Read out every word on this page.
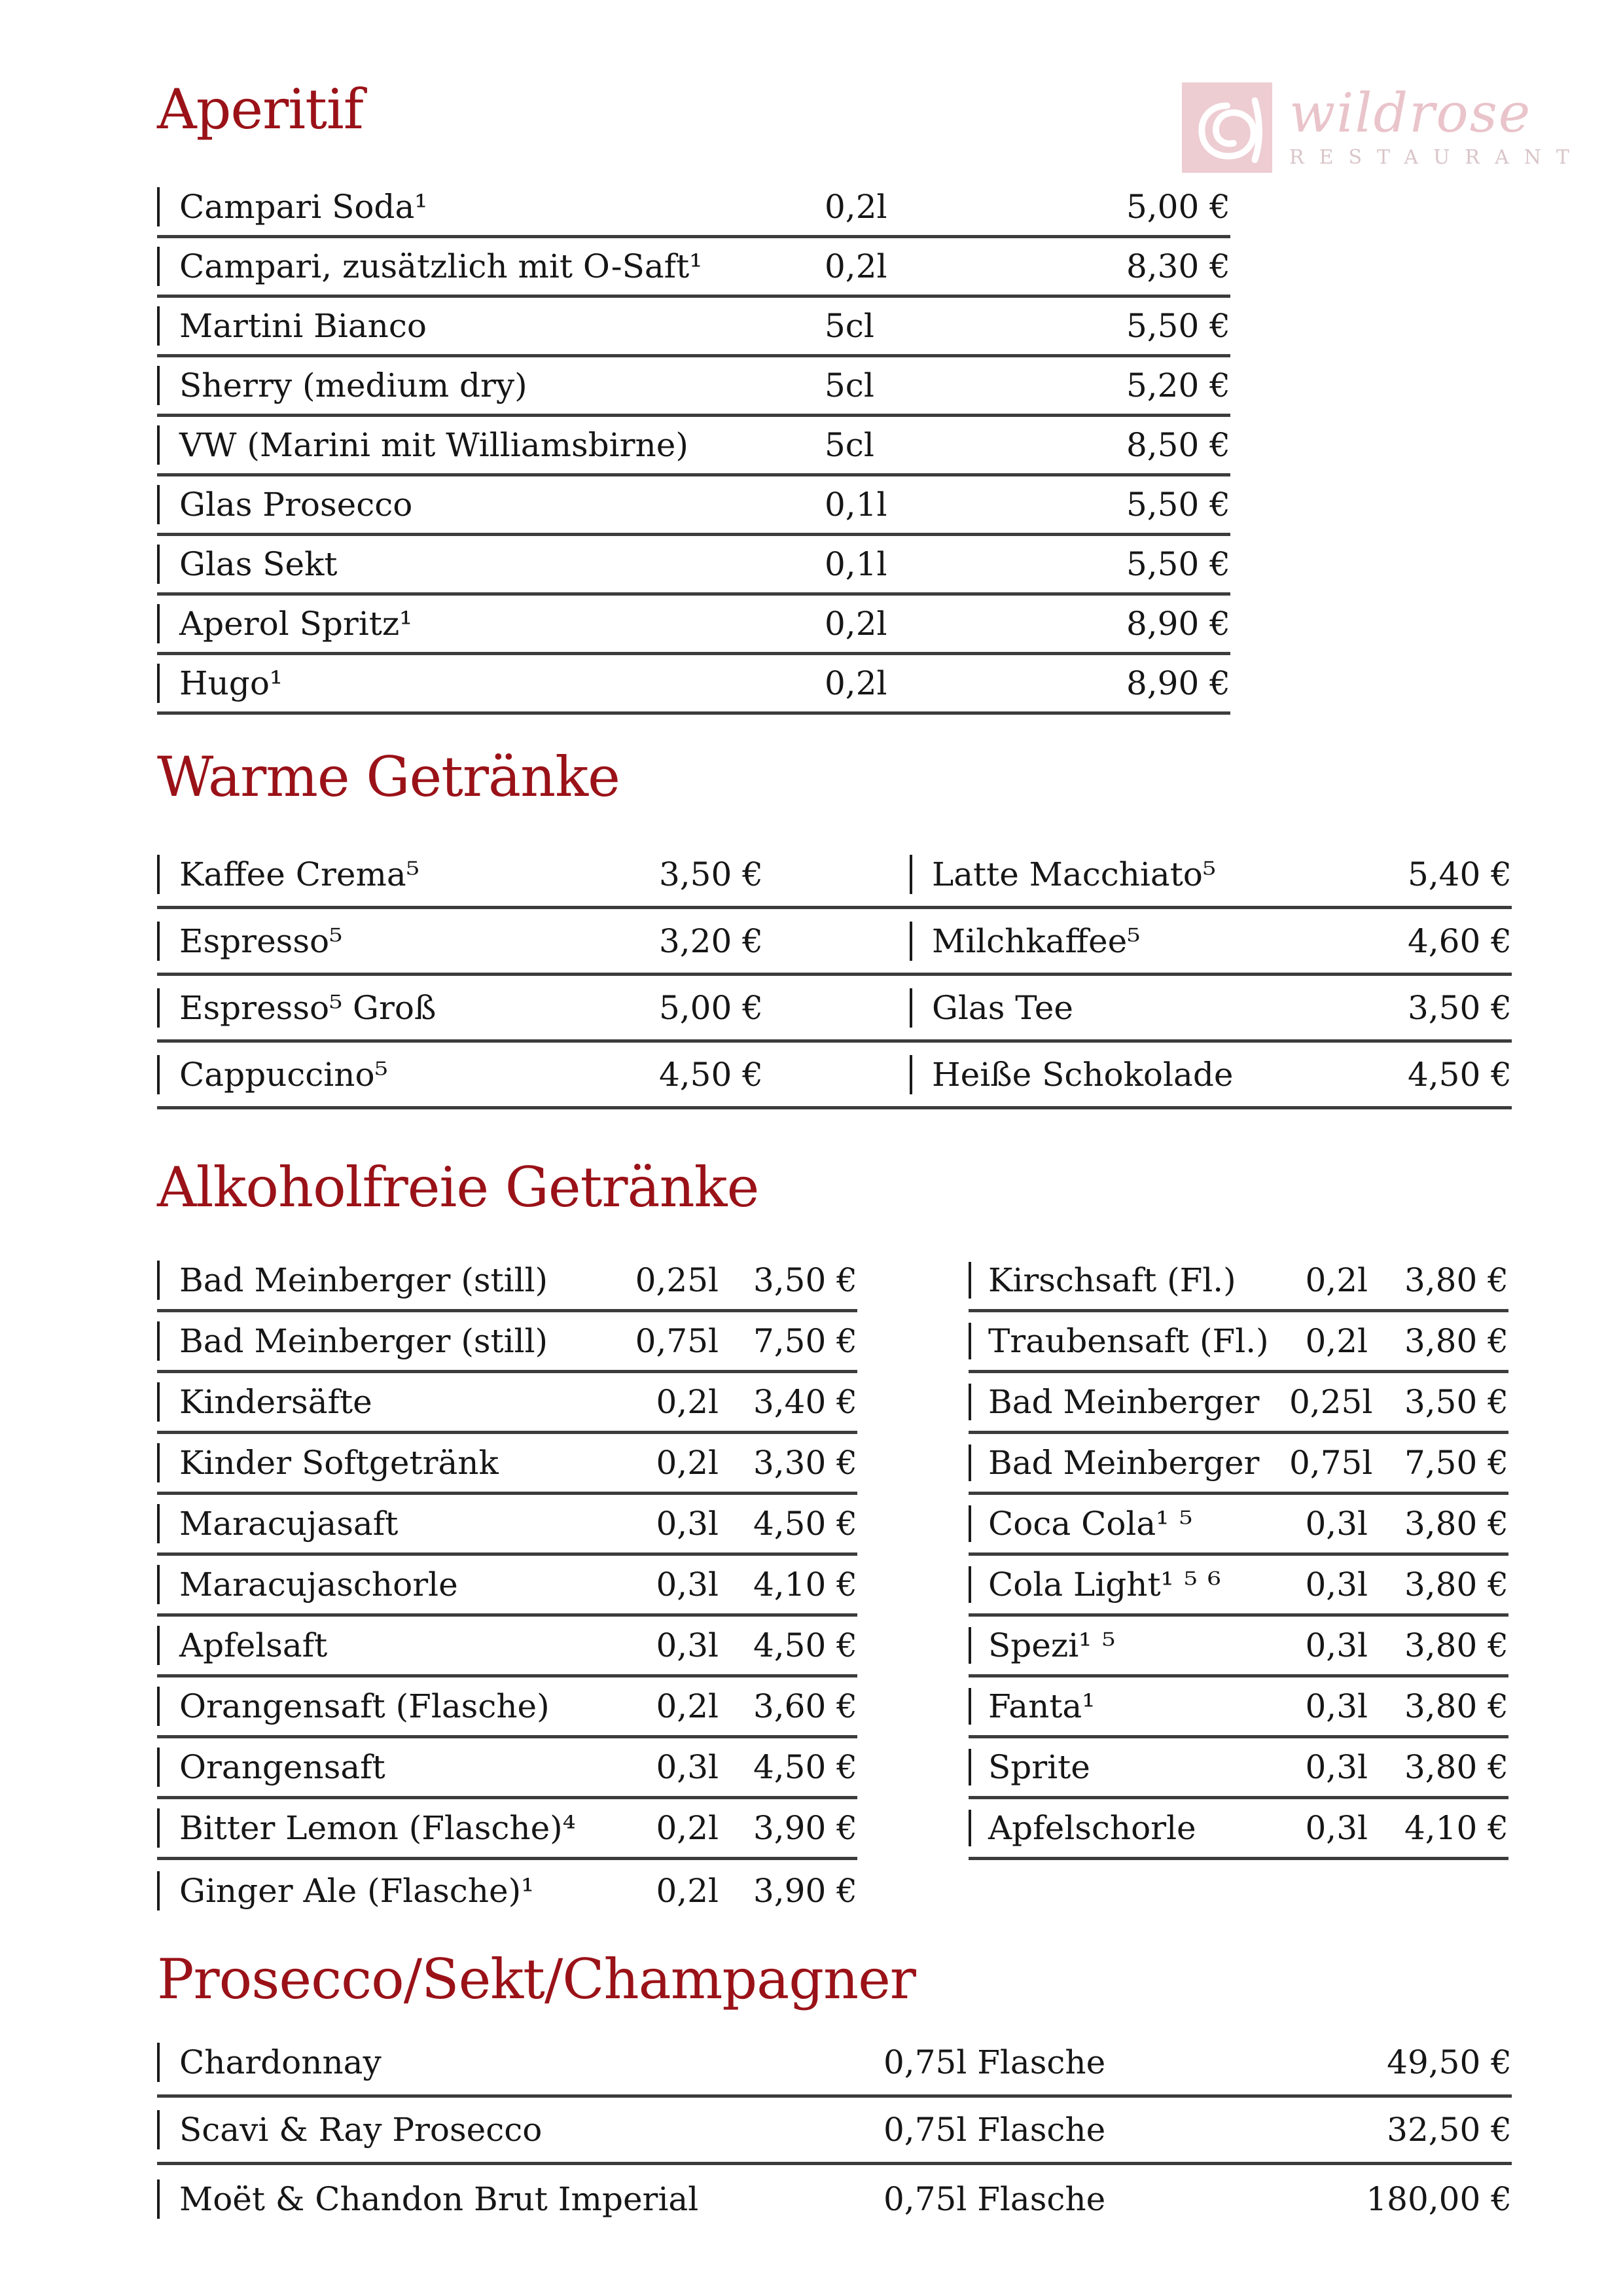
wildrose
RESTAURANT
Aperitif
Campari Soda¹	0,2l	5,00 €
Campari, zusätzlich mit O-Saft¹	0,2l	8,30 €
Martini Bianco	5cl	5,50 €
Sherry (medium dry)	5cl	5,20 €
VW (Marini mit Williamsbirne)	5cl	8,50 €
Glas Prosecco	0,1l	5,50 €
Glas Sekt	0,1l	5,50 €
Aperol Spritz¹	0,2l	8,90 €
Hugo¹	0,2l	8,90 €
Warme Getränke
Kaffee Crema⁵	3,50 €	Latte Macchiato⁵	5,40 €
Espresso⁵	3,20 €	Milchkaffee⁵	4,60 €
Espresso⁵ Groß	5,00 €	Glas Tee	3,50 €
Cappuccino⁵	4,50 €	Heiße Schokolade	4,50 €
Alkoholfreie Getränke
Bad Meinberger (still)	0,25l	3,50 €
Bad Meinberger (still)	0,75l	7,50 €
Kindersäfte	0,2l	3,40 €
Kinder Softgetränk	0,2l	3,30 €
Maracujasaft	0,3l	4,50 €
Maracujaschorle	0,3l	4,10 €
Apfelsaft	0,3l	4,50 €
Orangensaft (Flasche)	0,2l	3,60 €
Orangensaft	0,3l	4,50 €
Bitter Lemon (Flasche)⁴	0,2l	3,90 €
Ginger Ale (Flasche)¹	0,2l	3,90 €
Kirschsaft (Fl.)	0,2l	3,80 €
Traubensaft (Fl.)	0,2l	3,80 €
Bad Meinberger 0,25l 3,50 €
Bad Meinberger 0,75l 7,50 €
Coca Cola¹ ⁵	0,3l	3,80 €
Cola Light¹ ⁵ ⁶	0,3l	3,80 €
Spezi¹ ⁵	0,3l	3,80 €
Fanta¹	0,3l	3,80 €
Sprite	0,3l	3,80 €
Apfelschorle	0,3l	4,10 €
Prosecco/Sekt/Champagner
Chardonnay	0,75l Flasche	49,50 €
Scavi & Ray Prosecco	0,75l Flasche	32,50 €
Moët & Chandon Brut Imperial	0,75l Flasche	180,00 €
